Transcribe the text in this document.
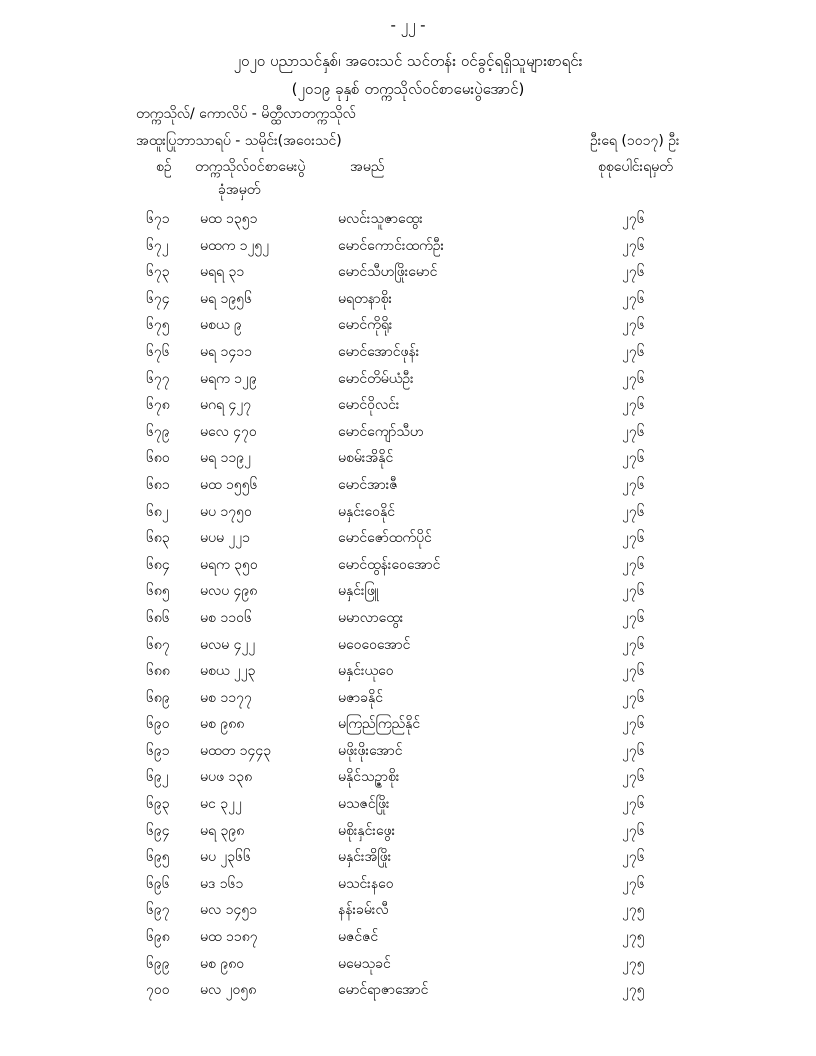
- ၂၂ -
၂၀၂၀ ပညာသင်နှစ်၊ အဝေးသင် သင်တန်း ဝင်ခွင့်ရရှိသူများစာရင်း
(၂၀၁၉ ခုနှစ် တက္ကသိုလ်ဝင်စာမေးပွဲအောင်)
တက္ကသိုလ်/ ကောလိပ် - မိတ္ထီလာတက္ကသိုလ်
အထူးပြုဘာသာရပ် - သမိုင်း(အဝေးသင်)	ဦးရေ (၁၀၁၇) ဦး
စဉ် တက္ကသိုလ်ဝင်စာမေးပွဲ
ခုံအမှတ်
အမည်	စုစုပေါင်းရမှတ်
၆၇၁ မထ ၁၃၅၁	မလင်းသူဇာထွေး	၂၇၆
၆၇၂ မထက ၁၂၅၂	မောင်ကောင်းထက်ဦး	၂၇၆
၆၇၃ မရရ ၃၁	မောင်သီဟဖြိုးမောင်	၂၇၆
၆၇၄ မရ ၁၉၅၆	မရတနာစိုး	၂၇၆
၆၇၅ မစယ ၉	မောင်ကိုရိုး	၂၇၆
၆၇၆ မရ ၁၄၁၁	မောင်အောင်ဖုန်း	၂၇၆
၆၇၇ မရက ၁၂၉	မောင်တိမ်ယံဦး	၂၇၆
၆၇၈ မဂရ ၄၂၇	မောင်ဝိုလင်း	၂၇၆
၆၇၉ မလေ ၄၇၀	မောင်ကျော်သီဟ	၂၇၆
၆၈၀ မရ ၁၁၉၂	မစမ်းအိနိုင်	၂၇၆
၆၈၁ မထ ၁၅၅၆	မောင်အားဇီ	၂၇၆
၆၈၂ မပ ၁၇၅၀	မနှင်းဝေနိုင်	၂၇၆
၆၈၃ မပမ ၂၂၁	မောင်ဇော်ထက်ပိုင်	၂၇၆
၆၈၄ မရက ၃၅၀	မောင်ထွန်းဝေအောင်	၂၇၆
၆၈၅ မလပ ၄၉၈	မနှင်းဖြူ	၂၇၆
၆၈၆ မစ ၁၁၀၆	မမာလာထွေး	၂၇၆
၆၈၇ မလမ ၄၂၂	မဝေဝေအောင်	၂၇၆
၆၈၈ မစယ ၂၂၃	မနှင်းယုဝေ	၂၇၆
၆၈၉ မစ ၁၁၇၇	မဇာခနိုင်	၂၇၆
၆၉၀ မစ ၉၈၈	မကြည်ကြည်နိုင်	၂၇၆
၆၉၁ မထတ ၁၄၄၃	မဖိုးဖိုးအောင်	၂၇၆
၆၉၂ မပဖ ၁၃၈	မနိုင်သဥ္ဇာစိုး	၂၇၆
၆၉၃ မင ၃၂၂	မသဇင်ဖြိုး	၂၇၆
၆၉၄ မရ ၃၉၈	မစိုးနှင်းဖွေး	၂၇၆
၆၉၅ မပ ၂၃၆၆	မနှင်းအိဖြိုး	၂၇၆
၆၉၆ မဒ ၁၆၁	မသင်းနဝေ	၂၇၆
၆၉၇ မလ ၁၄၅၁	နန်းခမ်းလီ	၂၇၅
၆၉၈ မထ ၁၁၈၇	မဇင်ဇင်	၂၇၅
၆၉၉ မစ ၉၈၀	မမေသုခင်	၂၇၅
၇၀၀ မလ ၂၀၅၈	မောင်ရာဇာအောင်	၂၇၅
